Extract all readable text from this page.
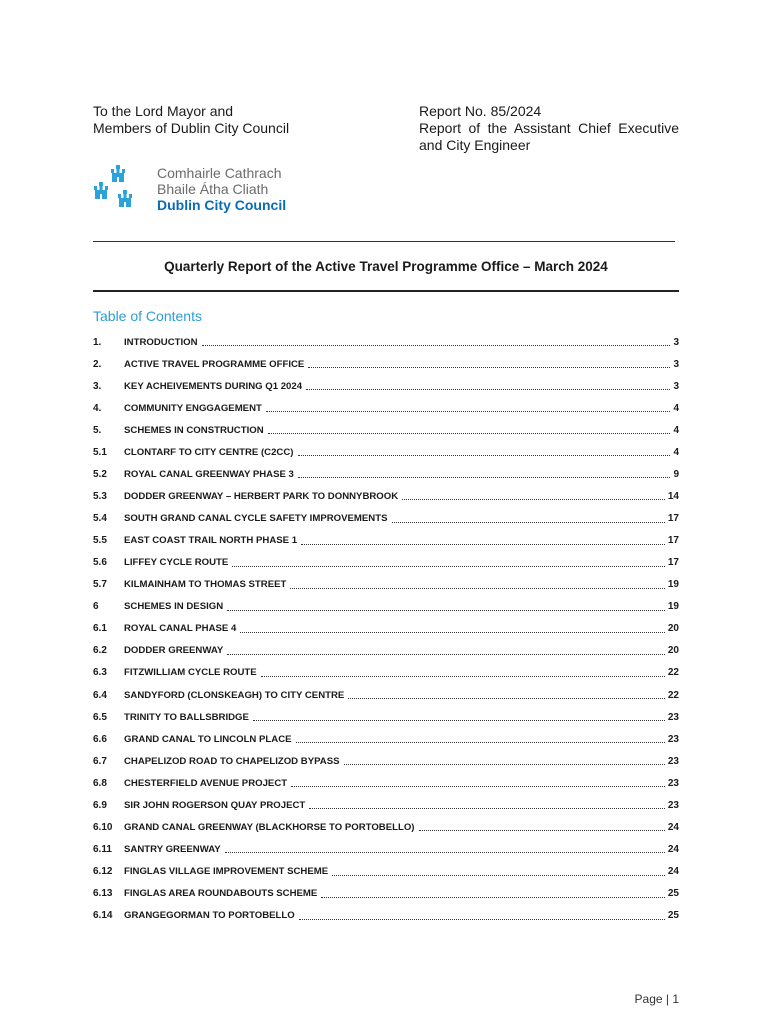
To the Lord Mayor and
Members of Dublin City Council
Report No. 85/2024
Report of the Assistant Chief Executive
and City Engineer
Comhairle Cathrach
Bhaile Átha Cliath
Dublin City Council
Quarterly Report of the Active Travel Programme Office – March 2024
Table of Contents
1.	INTRODUCTION	3
2.	ACTIVE TRAVEL PROGRAMME OFFICE	3
3.	KEY ACHEIVEMENTS DURING Q1 2024	3
4.	COMMUNITY ENGGAGEMENT	4
5.	SCHEMES IN CONSTRUCTION	4
5.1	CLONTARF TO CITY CENTRE (C2CC)	4
5.2	ROYAL CANAL GREENWAY PHASE 3	9
5.3	DODDER GREENWAY – HERBERT PARK TO DONNYBROOK	14
5.4	SOUTH GRAND CANAL CYCLE SAFETY IMPROVEMENTS	17
5.5	EAST COAST TRAIL NORTH PHASE 1	17
5.6	LIFFEY CYCLE ROUTE	17
5.7	KILMAINHAM TO THOMAS STREET	19
6	SCHEMES IN DESIGN	19
6.1	ROYAL CANAL PHASE 4	20
6.2	DODDER GREENWAY	20
6.3	FITZWILLIAM CYCLE ROUTE	22
6.4	SANDYFORD (CLONSKEAGH) TO CITY CENTRE	22
6.5	TRINITY TO BALLSBRIDGE	23
6.6	GRAND CANAL TO LINCOLN PLACE	23
6.7	CHAPELIZOD ROAD TO CHAPELIZOD BYPASS	23
6.8	CHESTERFIELD AVENUE PROJECT	23
6.9	SIR JOHN ROGERSON QUAY PROJECT	23
6.10	GRAND CANAL GREENWAY (BLACKHORSE TO PORTOBELLO)	24
6.11	SANTRY GREENWAY	24
6.12	FINGLAS VILLAGE IMPROVEMENT SCHEME	24
6.13	FINGLAS AREA ROUNDABOUTS SCHEME	25
6.14	GRANGEGORMAN TO PORTOBELLO	25
Page | 1
